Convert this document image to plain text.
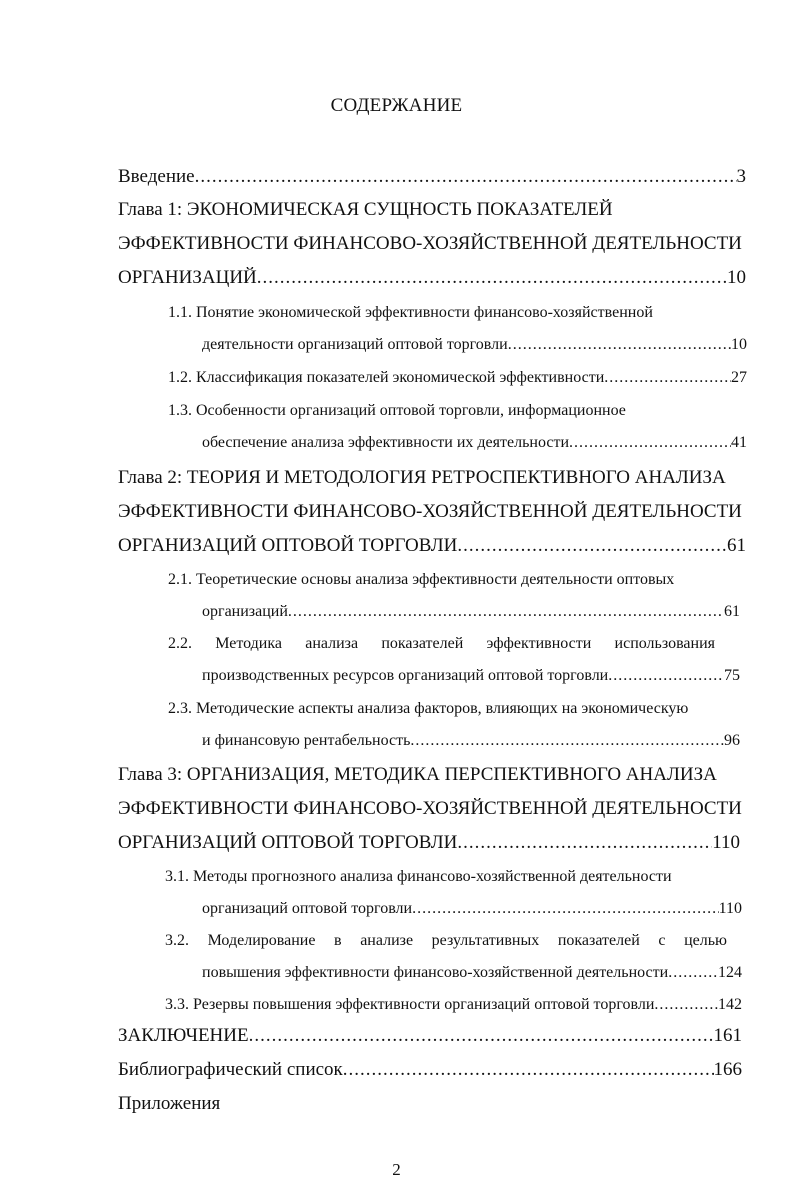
СОДЕРЖАНИЕ
Введение .....	3
Глава 1: ЭКОНОМИЧЕСКАЯ СУЩНОСТЬ ПОКАЗАТЕЛЕЙ
ЭФФЕКТИВНОСТИ ФИНАНСОВО-ХОЗЯЙСТВЕННОЙ ДЕЯТЕЛЬНОСТИ
ОРГАНИЗАЦИЙ .....	10
1.1. Понятие экономической эффективности финансово-хозяйственной
деятельности организаций оптовой торговли .....	10
1.2. Классификация показателей экономической эффективности .....	27
1.3. Особенности организаций оптовой торговли, информационное
обеспечение анализа эффективности их деятельности .....	41
Глава 2: ТЕОРИЯ И МЕТОДОЛОГИЯ РЕТРОСПЕКТИВНОГО АНАЛИЗА
ЭФФЕКТИВНОСТИ ФИНАНСОВО-ХОЗЯЙСТВЕННОЙ ДЕЯТЕЛЬНОСТИ
ОРГАНИЗАЦИЙ ОПТОВОЙ ТОРГОВЛИ .....	61
2.1. Теоретические основы анализа эффективности деятельности оптовых
организаций .....	61
2.2. Методика анализа показателей эффективности использования
производственных ресурсов организаций оптовой торговли .....	75
2.3. Методические аспекты анализа факторов, влияющих на экономическую
и финансовую рентабельность .....	96
Глава 3: ОРГАНИЗАЦИЯ, МЕТОДИКА ПЕРСПЕКТИВНОГО АНАЛИЗА
ЭФФЕКТИВНОСТИ ФИНАНСОВО-ХОЗЯЙСТВЕННОЙ ДЕЯТЕЛЬНОСТИ
ОРГАНИЗАЦИЙ ОПТОВОЙ ТОРГОВЛИ .....	110
3.1. Методы прогнозного анализа финансово-хозяйственной деятельности
организаций оптовой торговли .....	110
3.2. Моделирование в анализе результативных показателей с целью
повышения эффективности финансово-хозяйственной деятельности .....	124
3.3. Резервы повышения эффективности организаций оптовой торговли .....	142
ЗАКЛЮЧЕНИЕ .....	161
Библиографический список .....	166
Приложения
2
